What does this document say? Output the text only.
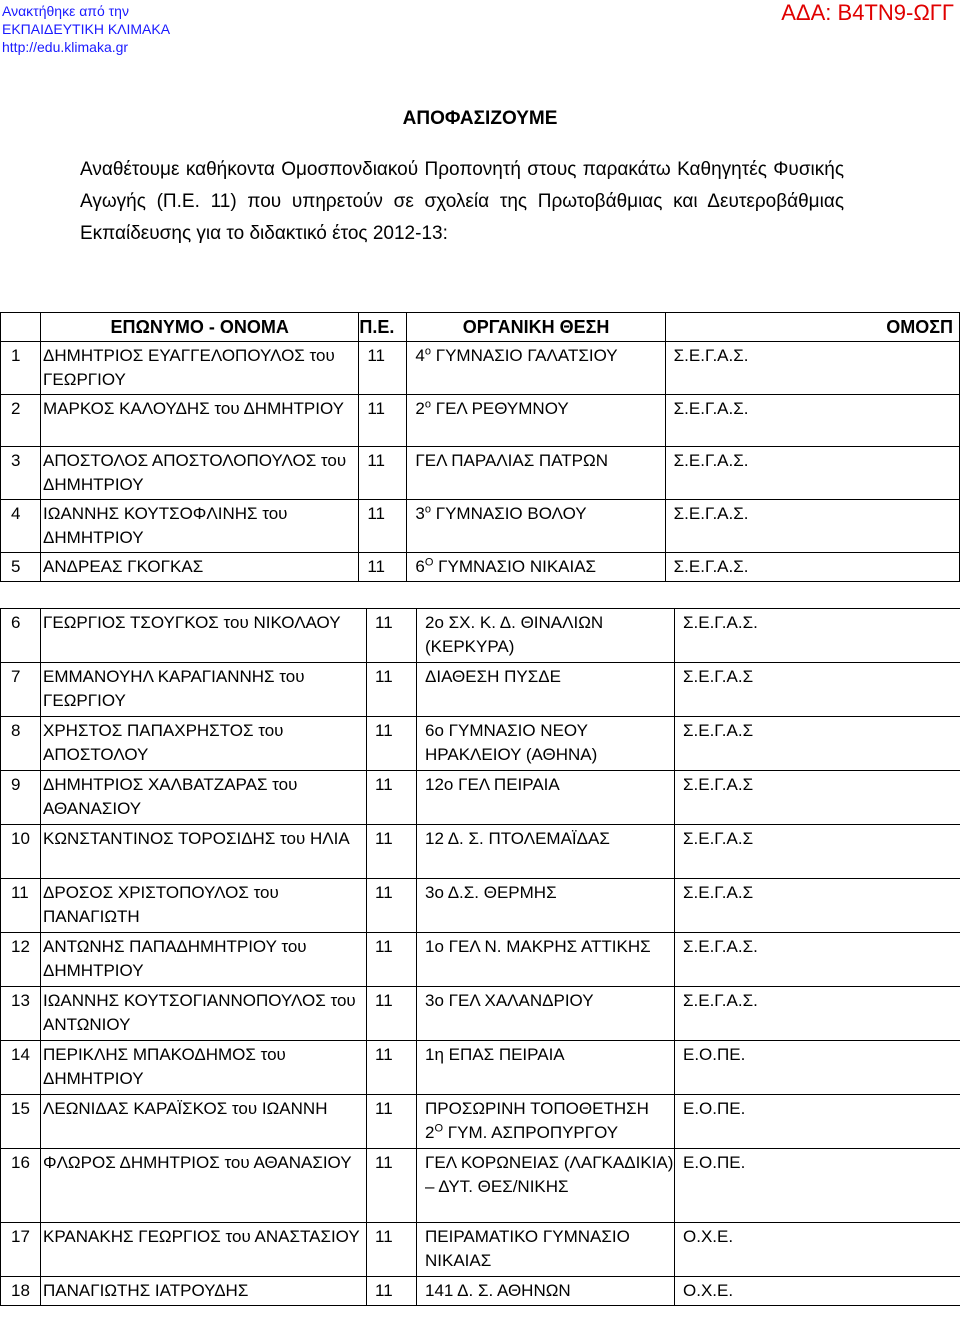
Ανακτήθηκε από την
ΕΚΠΑΙΔΕΥΤΙΚΗ ΚΛΙΜΑΚΑ
http://edu.klimaka.gr
ΑΔΑ: Β4ΤΝ9-ΩΓΓ
ΑΠΟΦΑΣΙΖΟΥΜΕ
Αναθέτουμε καθήκοντα Ομοσπονδιακού Προπονητή στους παρακάτω Καθηγητές Φυσικής Αγωγής (Π.Ε. 11) που υπηρετούν σε σχολεία της Πρωτοβάθμιας και Δευτεροβάθμιας Εκπαίδευσης για το διδακτικό έτος 2012-13:
	ΕΠΩΝΥΜΟ - ΟΝΟΜΑ	Π.Ε.	ΟΡΓΑΝΙΚΗ ΘΕΣΗ	ΟΜΟΣΠ
1	ΔΗΜΗΤΡΙΟΣ ΕΥΑΓΓΕΛΟΠΟΥΛΟΣ του ΓΕΩΡΓΙΟΥ	11	$4^o$ ΓΥΜΝΑΣΙΟ ΓΑΛΑΤΣΙΟΥ	Σ.Ε.Γ.Α.Σ.
2	ΜΑΡΚΟΣ ΚΑΛΟΥΔΗΣ του ΔΗΜΗΤΡΙΟΥ	11	$2^o$ ΓΕΛ ΡΕΘΥΜΝΟΥ	Σ.Ε.Γ.Α.Σ.
3	ΑΠΟΣΤΟΛΟΣ ΑΠΟΣΤΟΛΟΠΟΥΛΟΣ του ΔΗΜΗΤΡΙΟΥ	11	ΓΕΛ ΠΑΡΑΛΙΑΣ ΠΑΤΡΩΝ	Σ.Ε.Γ.Α.Σ.
4	ΙΩΑΝΝΗΣ ΚΟΥΤΣΟΦΛΙΝΗΣ του ΔΗΜΗΤΡΙΟΥ	11	$3^o$ ΓΥΜΝΑΣΙΟ ΒΟΛΟΥ	Σ.Ε.Γ.Α.Σ.
5	ΑΝΔΡΕΑΣ ΓΚΟΓΚΑΣ	11	$6^O$ ΓΥΜΝΑΣΙΟ ΝΙΚΑΙΑΣ	Σ.Ε.Γ.Α.Σ.
6	ΓΕΩΡΓΙΟΣ ΤΣΟΥΓΚΟΣ του ΝΙΚΟΛΑΟΥ	11	2ο ΣΧ. Κ. Δ. ΘΙΝΑΛΙΩΝ (ΚΕΡΚΥΡΑ)	Σ.Ε.Γ.Α.Σ.
7	ΕΜΜΑΝΟΥΗΛ ΚΑΡΑΓΙΑΝΝΗΣ του ΓΕΩΡΓΙΟΥ	11	ΔΙΑΘΕΣΗ ΠΥΣΔΕ	Σ.Ε.Γ.Α.Σ
8	ΧΡΗΣΤΟΣ ΠΑΠΑΧΡΗΣΤΟΣ του ΑΠΟΣΤΟΛΟΥ	11	6ο ΓΥΜΝΑΣΙΟ ΝΕΟΥ ΗΡΑΚΛΕΙΟΥ (ΑΘΗΝΑ)	Σ.Ε.Γ.Α.Σ
9	ΔΗΜΗΤΡΙΟΣ ΧΑΛΒΑΤΖΑΡΑΣ του ΑΘΑΝΑΣΙΟΥ	11	12ο ΓΕΛ ΠΕΙΡΑΙΑ	Σ.Ε.Γ.Α.Σ
10	ΚΩΝΣΤΑΝΤΙΝΟΣ ΤΟΡΟΣΙΔΗΣ του ΗΛΙΑ	11	12 Δ. Σ. ΠΤΟΛΕΜΑΪΔΑΣ	Σ.Ε.Γ.Α.Σ
11	ΔΡΟΣΟΣ ΧΡΙΣΤΟΠΟΥΛΟΣ του ΠΑΝΑΓΙΩΤΗ	11	3ο Δ.Σ. ΘΕΡΜΗΣ	Σ.Ε.Γ.Α.Σ
12	ΑΝΤΩΝΗΣ ΠΑΠΑΔΗΜΗΤΡΙΟΥ του ΔΗΜΗΤΡΙΟΥ	11	1ο ΓΕΛ Ν. ΜΑΚΡΗΣ ΑΤΤΙΚΗΣ	Σ.Ε.Γ.Α.Σ.
13	ΙΩΑΝΝΗΣ ΚΟΥΤΣΟΓΙΑΝΝΟΠΟΥΛΟΣ του ΑΝΤΩΝΙΟΥ	11	3ο ΓΕΛ ΧΑΛΑΝΔΡΙΟΥ	Σ.Ε.Γ.Α.Σ.
14	ΠΕΡΙΚΛΗΣ ΜΠΑΚΟΔΗΜΟΣ του ΔΗΜΗΤΡΙΟΥ	11	1η ΕΠΑΣ ΠΕΙΡΑΙΑ	Ε.Ο.ΠΕ.
15	ΛΕΩΝΙΔΑΣ ΚΑΡΑΪΣΚΟΣ του ΙΩΑΝΝΗ	11	ΠΡΟΣΩΡΙΝΗ ΤΟΠΟΘΕΤΗΣΗ
$2^O$ ΓΥΜ. ΑΣΠΡΟΠΥΡΓΟΥ	Ε.Ο.ΠΕ.
16	ΦΛΩΡΟΣ ΔΗΜΗΤΡΙΟΣ του ΑΘΑΝΑΣΙΟΥ	11	ΓΕΛ ΚΟΡΩΝΕΙΑΣ (ΛΑΓΚΑΔΙΚΙΑ) – ΔΥΤ. ΘΕΣ/ΝΙΚΗΣ	Ε.Ο.ΠΕ.
17	ΚΡΑΝΑΚΗΣ ΓΕΩΡΓΙΟΣ του ΑΝΑΣΤΑΣΙΟΥ	11	ΠΕΙΡΑΜΑΤΙΚΟ ΓΥΜΝΑΣΙΟ ΝΙΚΑΙΑΣ	Ο.Χ.Ε.
18	ΠΑΝΑΓΙΩΤΗΣ ΙΑΤΡΟΥΔΗΣ	11	141 Δ. Σ. ΑΘΗΝΩΝ	Ο.Χ.Ε.
